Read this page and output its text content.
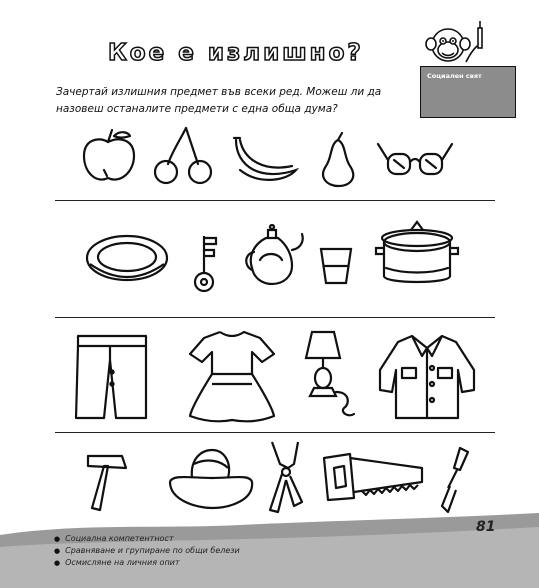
Кое е излишно?
Социален свят
Зачертай излишния предмет във всеки ред. Можеш ли да назовеш останалите предмети с една обща дума?
81
● Социална компетентност
● Сравняване и групиране по общи белези
● Осмисляне на личния опит
